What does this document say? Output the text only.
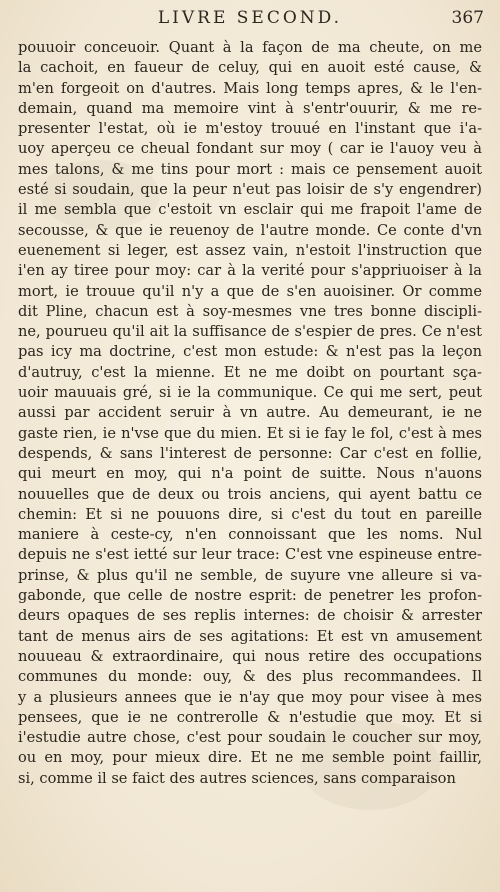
LIVRE SECOND.	367
pouuoir conceuoir. Quant à la façon de ma cheute, on me
la cachoit, en faueur de celuy, qui en auoit esté cause, &
m'en forgeoit on d'autres. Mais long temps apres, & le l'en-
demain, quand ma memoire vint à s'entr'ouurir, & me re-
presenter l'estat, où ie m'estoy trouué en l'instant que i'a-
uoy aperçeu ce cheual fondant sur moy ( car ie l'auoy veu à
mes talons, & me tins pour mort : mais ce pensement auoit
esté si soudain, que la peur n'eut pas loisir de s'y engendrer)
il me sembla que c'estoit vn esclair qui me frapoit l'ame de
secousse, & que ie reuenoy de l'autre monde. Ce conte d'vn
euenement si leger, est assez vain, n'estoit l'instruction que
i'en ay tiree pour moy: car à la verité pour s'appriuoiser à la
mort, ie trouue qu'il n'y a que de s'en auoisiner. Or comme
dit Pline, chacun est à soy-mesmes vne tres bonne discipli-
ne, pourueu qu'il ait la suffisance de s'espier de pres. Ce n'est
pas icy ma doctrine, c'est mon estude: & n'est pas la leçon
d'autruy, c'est la mienne. Et ne me doibt on pourtant sça-
uoir mauuais gré, si ie la communique. Ce qui me sert, peut
aussi par accident seruir à vn autre. Au demeurant, ie ne
gaste rien, ie n'vse que du mien. Et si ie fay le fol, c'est à mes
despends, & sans l'interest de personne: Car c'est en follie,
qui meurt en moy, qui n'a point de suitte. Nous n'auons
nouuelles que de deux ou trois anciens, qui ayent battu ce
chemin: Et si ne pouuons dire, si c'est du tout en pareille
maniere à ceste-cy, n'en connoissant que les noms. Nul
depuis ne s'est ietté sur leur trace: C'est vne espineuse entre-
prinse, & plus qu'il ne semble, de suyure vne alleure si va-
gabonde, que celle de nostre esprit: de penetrer les profon-
deurs opaques de ses replis internes: de choisir & arrester
tant de menus airs de ses agitations: Et est vn amusement
nouueau & extraordinaire, qui nous retire des occupations
communes du monde: ouy, & des plus recommandees. Il
y a plusieurs annees que ie n'ay que moy pour visee à mes
pensees, que ie ne contrerolle & n'estudie que moy. Et si
i'estudie autre chose, c'est pour soudain le coucher sur moy,
ou en moy, pour mieux dire. Et ne me semble point faillir,
si, comme il se faict des autres sciences, sans comparaison
